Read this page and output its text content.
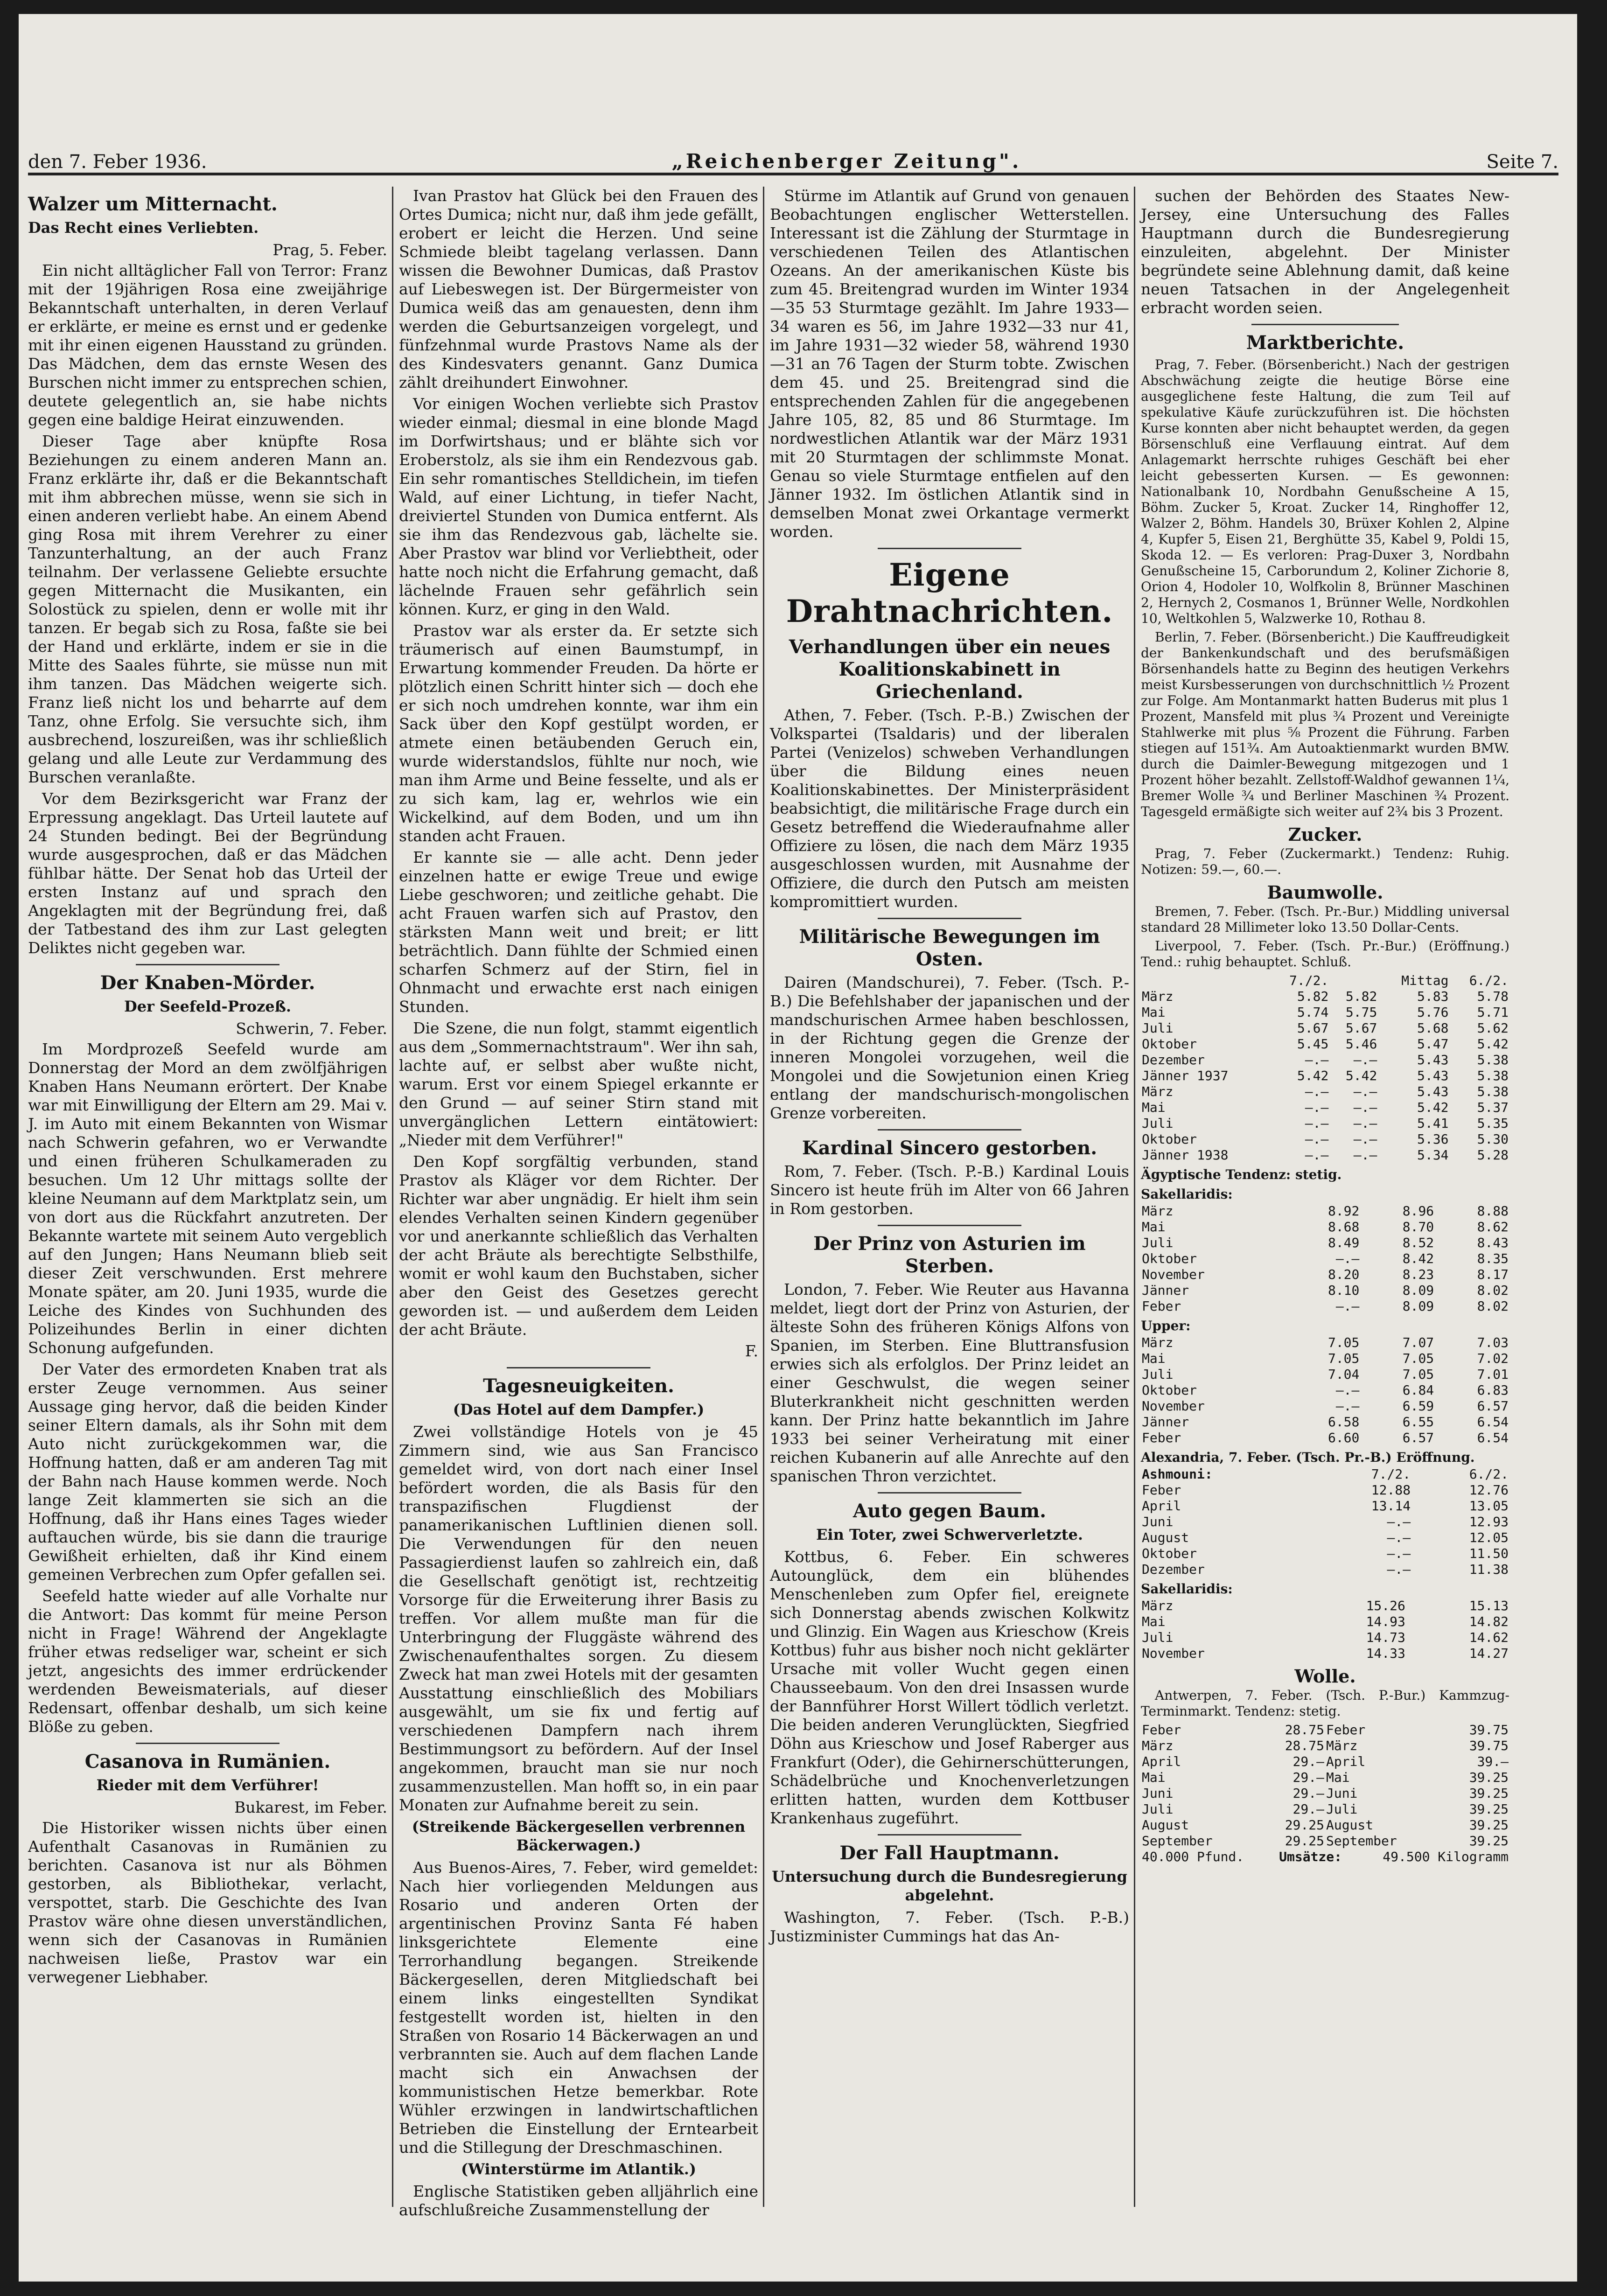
den 7. Feber 1936.	„Reichenberger Zeitung".	Seite 7.
Walzer um Mitternacht.
Das Recht eines Verliebten.
Prag, 5. Feber.

Ein nicht alltäglicher Fall von Terror: Franz mit der 19jährigen Rosa eine zweijährige Bekanntschaft unterhalten, in deren Verlauf er erklärte, er meine es ernst und er gedenke mit ihr einen eigenen Hausstand zu gründen. Das Mädchen, dem das ernste Wesen des Burschen nicht immer zu entsprechen schien, deutete gelegentlich an, sie habe nichts gegen eine baldige Heirat einzuwenden.

Dieser Tage aber knüpfte Rosa Beziehungen zu einem anderen Mann an. Franz erklärte ihr, daß er die Bekanntschaft mit ihm abbrechen müsse, wenn sie sich in einen anderen verliebt habe. An einem Abend ging Rosa mit ihrem Verehrer zu einer Tanzunterhaltung, an der auch Franz teilnahm. Der verlassene Geliebte ersuchte gegen Mitternacht die Musikanten, ein Solostück zu spielen, denn er wolle mit ihr tanzen. Er begab sich zu Rosa, faßte sie bei der Hand und erklärte, indem er sie in die Mitte des Saales führte, sie müsse nun mit ihm tanzen. Das Mädchen weigerte sich. Franz ließ nicht los und beharrte auf dem Tanz, ohne Erfolg. Sie versuchte sich, ihm ausbrechend, loszureißen, was ihr schließlich gelang und alle Leute zur Verdammung des Burschen veranlaßte.

Vor dem Bezirksgericht war Franz der Erpressung angeklagt. Das Urteil lautete auf 24 Stunden bedingt. Bei der Begründung wurde ausgesprochen, daß er das Mädchen fühlbar hätte. Der Senat hob das Urteil der ersten Instanz auf und sprach den Angeklagten mit der Begründung frei, daß der Tatbestand des ihm zur Last gelegten Deliktes nicht gegeben war.

Der Knaben-Mörder.
Der Seefeld-Prozeß.
Schwerin, 7. Feber.

Im Mordprozeß Seefeld wurde am Donnerstag der Mord an dem zwölfjährigen Knaben Hans Neumann erörtert. Der Knabe war mit Einwilligung der Eltern am 29. Mai v. J. im Auto mit einem Bekannten von Wismar nach Schwerin gefahren, wo er Verwandte und einen früheren Schulkameraden zu besuchen. Um 12 Uhr mittags sollte der kleine Neumann auf dem Marktplatz sein, um von dort aus die Rückfahrt anzutreten. Der Bekannte wartete mit seinem Auto vergeblich auf den Jungen; Hans Neumann blieb seit dieser Zeit verschwunden. Erst mehrere Monate später, am 20. Juni 1935, wurde die Leiche des Kindes von Suchhunden des Polizeihundes Berlin in einer dichten Schonung aufgefunden.

Der Vater des ermordeten Knaben trat als erster Zeuge vernommen. Aus seiner Aussage ging hervor, daß die beiden Kinder seiner Eltern damals, als ihr Sohn mit dem Auto nicht zurückgekommen war, die Hoffnung hatten, daß er am anderen Tag mit der Bahn nach Hause kommen werde. Noch lange Zeit klammerten sie sich an die Hoffnung, daß ihr Hans eines Tages wieder auftauchen würde, bis sie dann die traurige Gewißheit erhielten, daß ihr Kind einem gemeinen Verbrechen zum Opfer gefallen sei.

Seefeld hatte wieder auf alle Vorhalte nur die Antwort: Das kommt für meine Person nicht in Frage! Während der Angeklagte früher etwas redseliger war, scheint er sich jetzt, angesichts des immer erdrückender werdenden Beweismaterials, auf dieser Redensart, offenbar deshalb, um sich keine Blöße zu geben.

Casanova in Rumänien.
Rieder mit dem Verführer!
Bukarest, im Feber.

Die Historiker wissen nichts über einen Aufenthalt Casanovas in Rumänien zu berichten. Casanova ist nur als Böhmen gestorben, als Bibliothekar, verlacht, verspottet, starb. Die Geschichte des Ivan Prastov wäre ohne diesen unverständlichen, wenn sich der Casanovas in Rumänien nachweisen ließe, Prastov war ein verwegener Liebhaber.

Ivan Prastov hat Glück bei den Frauen des Ortes Dumica; nicht nur, daß ihm jede gefällt, erobert er leicht die Herzen. Und seine Schmiede bleibt tagelang verlassen. Dann wissen die Bewohner Dumicas, daß Prastov auf Liebeswegen ist. Der Bürgermeister von Dumica weiß das am genauesten, denn ihm werden die Geburtsanzeigen vorgelegt, und fünfzehnmal wurde Prastovs Name als der des Kindesvaters genannt. Ganz Dumica zählt dreihundert Einwohner.

Vor einigen Wochen verliebte sich Prastov wieder einmal; diesmal in eine blonde Magd im Dorfwirtshaus; und er blähte sich vor Eroberstolz, als sie ihm ein Rendezvous gab. Ein sehr romantisches Stelldichein, im tiefen Wald, auf einer Lichtung, in tiefer Nacht, dreiviertel Stunden von Dumica entfernt. Als sie ihm das Rendezvous gab, lächelte sie. Aber Prastov war blind vor Verliebtheit, oder hatte noch nicht die Erfahrung gemacht, daß lächelnde Frauen sehr gefährlich sein können. Kurz, er ging in den Wald.

Prastov war als erster da. Er setzte sich träumerisch auf einen Baumstumpf, in Erwartung kommender Freuden. Da hörte er plötzlich einen Schritt hinter sich — doch ehe er sich noch umdrehen konnte, war ihm ein Sack über den Kopf gestülpt worden, er atmete einen betäubenden Geruch ein, wurde widerstandslos, fühlte nur noch, wie man ihm Arme und Beine fesselte, und als er zu sich kam, lag er, wehrlos wie ein Wickelkind, auf dem Boden, und um ihn standen acht Frauen.

Er kannte sie — alle acht. Denn jeder einzelnen hatte er ewige Treue und ewige Liebe geschworen; und zeitliche gehabt. Die acht Frauen warfen sich auf Prastov, den stärksten Mann weit und breit; er litt beträchtlich. Dann fühlte der Schmied einen scharfen Schmerz auf der Stirn, fiel in Ohnmacht und erwachte erst nach einigen Stunden.

Die Szene, die nun folgt, stammt eigentlich aus dem „Sommernachtstraum". Wer ihn sah, lachte auf, er selbst aber wußte nicht, warum. Erst vor einem Spiegel erkannte er den Grund — auf seiner Stirn stand mit unvergänglichen Lettern eintätowiert: „Nieder mit dem Verführer!"

Den Kopf sorgfältig verbunden, stand Prastov als Kläger vor dem Richter. Der Richter war aber ungnädig. Er hielt ihm sein elendes Verhalten seinen Kindern gegenüber vor und anerkannte schließlich das Verhalten der acht Bräute als berechtigte Selbsthilfe, womit er wohl kaum den Buchstaben, sicher aber den Geist des Gesetzes gerecht geworden ist. — und außerdem dem Leiden der acht Bräute.

F.
Tagesneuigkeiten.
(Das Hotel auf dem Dampfer.)

Zwei vollständige Hotels von je 45 Zimmern sind, wie aus San Francisco gemeldet wird, von dort nach einer Insel befördert worden, die als Basis für den transpazifischen Flugdienst der panamerikanischen Luftlinien dienen soll. Die Verwendungen für den neuen Passagierdienst laufen so zahlreich ein, daß die Gesellschaft genötigt ist, rechtzeitig Vorsorge für die Erweiterung ihrer Basis zu treffen. Vor allem mußte man für die Unterbringung der Fluggäste während des Zwischenaufenthaltes sorgen. Zu diesem Zweck hat man zwei Hotels mit der gesamten Ausstattung einschließlich des Mobiliars ausgewählt, um sie fix und fertig auf verschiedenen Dampfern nach ihrem Bestimmungsort zu befördern. Auf der Insel angekommen, braucht man sie nur noch zusammenzustellen. Man hofft so, in ein paar Monaten zur Aufnahme bereit zu sein.

(Streikende Bäckergesellen verbrennen Bäckerwagen.)

Aus Buenos-Aires, 7. Feber, wird gemeldet: Nach hier vorliegenden Meldungen aus Rosario und anderen Orten der argentinischen Provinz Santa Fé haben linksgerichtete Elemente eine Terrorhandlung begangen. Streikende Bäckergesellen, deren Mitgliedschaft bei einem links eingestellten Syndikat festgestellt worden ist, hielten in den Straßen von Rosario 14 Bäckerwagen an und verbrannten sie. Auch auf dem flachen Lande macht sich ein Anwachsen der kommunistischen Hetze bemerkbar. Rote Wühler erzwingen in landwirtschaftlichen Betrieben die Einstellung der Erntearbeit und die Stillegung der Dreschmaschinen.

(Winterstürme im Atlantik.)

Englische Statistiken geben alljährlich eine aufschlußreiche Zusammenstellung der

Stürme im Atlantik auf Grund von genauen Beobachtungen englischer Wetterstellen. Interessant ist die Zählung der Sturmtage in verschiedenen Teilen des Atlantischen Ozeans. An der amerikanischen Küste bis zum 45. Breitengrad wurden im Winter 1934—35 53 Sturmtage gezählt. Im Jahre 1933—34 waren es 56, im Jahre 1932—33 nur 41, im Jahre 1931—32 wieder 58, während 1930—31 an 76 Tagen der Sturm tobte. Zwischen dem 45. und 25. Breitengrad sind die entsprechenden Zahlen für die angegebenen Jahre 105, 82, 85 und 86 Sturmtage. Im nordwestlichen Atlantik war der März 1931 mit 20 Sturmtagen der schlimmste Monat. Genau so viele Sturmtage entfielen auf den Jänner 1932. Im östlichen Atlantik sind in demselben Monat zwei Orkantage vermerkt worden.

Eigene Drahtnachrichten.
Verhandlungen über ein neues Koalitionskabinett in Griechenland.

Athen, 7. Feber. (Tsch. P.-B.) Zwischen der Volkspartei (Tsaldaris) und der liberalen Partei (Venizelos) schweben Verhandlungen über die Bildung eines neuen Koalitionskabinettes. Der Ministerpräsident beabsichtigt, die militärische Frage durch ein Gesetz betreffend die Wiederaufnahme aller Offiziere zu lösen, die nach dem März 1935 ausgeschlossen wurden, mit Ausnahme der Offiziere, die durch den Putsch am meisten kompromittiert wurden.

Militärische Bewegungen im Osten.

Dairen (Mandschurei), 7. Feber. (Tsch. P.-B.) Die Befehlshaber der japanischen und der mandschurischen Armee haben beschlossen, in der Richtung gegen die Grenze der inneren Mongolei vorzugehen, weil die Mongolei und die Sowjetunion einen Krieg entlang der mandschurisch-mongolischen Grenze vorbereiten.

Kardinal Sincero gestorben.

Rom, 7. Feber. (Tsch. P.-B.) Kardinal Louis Sincero ist heute früh im Alter von 66 Jahren in Rom gestorben.

Der Prinz von Asturien im Sterben.

London, 7. Feber. Wie Reuter aus Havanna meldet, liegt dort der Prinz von Asturien, der älteste Sohn des früheren Königs Alfons von Spanien, im Sterben. Eine Bluttransfusion erwies sich als erfolglos. Der Prinz leidet an einer Geschwulst, die wegen seiner Bluterkrankheit nicht geschnitten werden kann. Der Prinz hatte bekanntlich im Jahre 1933 bei seiner Verheiratung mit einer reichen Kubanerin auf alle Anrechte auf den spanischen Thron verzichtet.

Auto gegen Baum.
Ein Toter, zwei Schwerverletzte.

Kottbus, 6. Feber. Ein schweres Autounglück, dem ein blühendes Menschenleben zum Opfer fiel, ereignete sich Donnerstag abends zwischen Kolkwitz und Glinzig. Ein Wagen aus Krieschow (Kreis Kottbus) fuhr aus bisher noch nicht geklärter Ursache mit voller Wucht gegen einen Chausseebaum. Von den drei Insassen wurde der Bannführer Horst Willert tödlich verletzt. Die beiden anderen Verunglückten, Siegfried Döhn aus Krieschow und Josef Raberger aus Frankfurt (Oder), die Gehirnerschütterungen, Schädelbrüche und Knochenverletzungen erlitten hatten, wurden dem Kottbuser Krankenhaus zugeführt.

Der Fall Hauptmann.
Untersuchung durch die Bundesregierung abgelehnt.

Washington, 7. Feber. (Tsch. P.-B.) Justizminister Cummings hat das An-

suchen der Behörden des Staates New-Jersey, eine Untersuchung des Falles Hauptmann durch die Bundesregierung einzuleiten, abgelehnt. Der Minister begründete seine Ablehnung damit, daß keine neuen Tatsachen in der Angelegenheit erbracht worden seien.

Marktberichte.

Prag, 7. Feber. (Börsenbericht.) Nach der gestrigen Abschwächung zeigte die heutige Börse eine ausgeglichene feste Haltung, die zum Teil auf spekulative Käufe zurückzuführen ist. Die höchsten Kurse konnten aber nicht behauptet werden, da gegen Börsenschluß eine Verflauung eintrat. Auf dem Anlagemarkt herrschte ruhiges Geschäft bei eher leicht gebesserten Kursen. — Es gewonnen: Nationalbank 10, Nordbahn Genußscheine A 15, Böhm. Zucker 5, Kroat. Zucker 14, Ringhoffer 12, Walzer 2, Böhm. Handels 30, Brüxer Kohlen 2, Alpine 4, Kupfer 5, Eisen 21, Berghütte 35, Kabel 9, Poldi 15, Skoda 12. — Es verloren: Prag-Duxer 3, Nordbahn Genußscheine 15, Carborundum 2, Koliner Zichorie 8, Orion 4, Hodoler 10, Wolfkolin 8, Brünner Maschinen 2, Hernych 2, Cosmanos 1, Brünner Welle, Nordkohlen 10, Weltkohlen 5, Walzwerke 10, Rothau 8.

Berlin, 7. Feber. (Börsenbericht.) Die Kauffreudigkeit der Bankenkundschaft und des berufsmäßigen Börsenhandels hatte zu Beginn des heutigen Verkehrs meist Kursbesserungen von durchschnittlich ½ Prozent zur Folge. Am Montanmarkt hatten Buderus mit plus 1 Prozent, Mansfeld mit plus ¾ Prozent und Vereinigte Stahlwerke mit plus ⅝ Prozent die Führung. Farben stiegen auf 151¾. Am Autoaktienmarkt wurden BMW. durch die Daimler-Bewegung mitgezogen und 1 Prozent höher bezahlt. Zellstoff-Waldhof gewannen 1¼, Bremer Wolle ¾ und Berliner Maschinen ¾ Prozent. Tagesgeld ermäßigte sich weiter auf 2¾ bis 3 Prozent.

Zucker.

Prag, 7. Feber (Zuckermarkt.) Tendenz: Ruhig. Notizen: 59.—, 60.—.

Baumwolle.

Bremen, 7. Feber. (Tsch. Pr.-Bur.) Middling universal standard 28 Millimeter loko 13.50 Dollar-Cents.

Liverpool, 7. Feber. (Tsch. Pr.-Bur.) (Eröffnung.) Tend.: ruhig behauptet. Schluß.

	7./2.		Mittag	6./2.
März	5.82	5.82	5.83	5.78
Mai	5.74	5.75	5.76	5.71
Juli	5.67	5.67	5.68	5.62
Oktober	5.45	5.46	5.47	5.42
Dezember	—.—	—.—	5.43	5.38
Jänner 1937	5.42	5.42	5.43	5.38
März	—.—	—.—	5.43	5.38
Mai	—.—	—.—	5.42	5.37
Juli	—.—	—.—	5.41	5.35
Oktober	—.—	—.—	5.36	5.30
Jänner 1938	—.—	—.—	5.34	5.28
Ägyptische Tendenz: stetig.
Sakellaridis:
März	8.92	8.96	8.88
Mai	8.68	8.70	8.62
Juli	8.49	8.52	8.43
Oktober	—.—	8.42	8.35
November	8.20	8.23	8.17
Jänner	8.10	8.09	8.02
Feber	—.—	8.09	8.02
Upper:
März	7.05	7.07	7.03
Mai	7.05	7.05	7.02
Juli	7.04	7.05	7.01
Oktober	—.—	6.84	6.83
November	—.—	6.59	6.57
Jänner	6.58	6.55	6.54
Feber	6.60	6.57	6.54
Alexandria, 7. Feber. (Tsch. Pr.-B.) Eröffnung.
Ashmouni:	7./2.	6./2.
Feber	12.88	12.76
April	13.14	13.05
Juni	—.—	12.93
August	—.—	12.05
Oktober	—.—	11.50
Dezember	—.—	11.38
Sakellaridis:
März	15.26	15.13
Mai	14.93	14.82
Juli	14.73	14.62
November	14.33	14.27
Wolle.

Antwerpen, 7. Feber. (Tsch. P.-Bur.) Kammzug-Terminmarkt. Tendenz: stetig.

Feber	28.75	Feber	39.75
März	28.75	März	39.75
April	29.—	April	39.—
Mai	29.—	Mai	39.25
Juni	29.—	Juni	39.25
Juli	29.—	Juli	39.25
August	29.25	August	39.25
September	29.25	September	39.25
40.000 Pfund.	Umsätze:	49.500 Kilogramm
